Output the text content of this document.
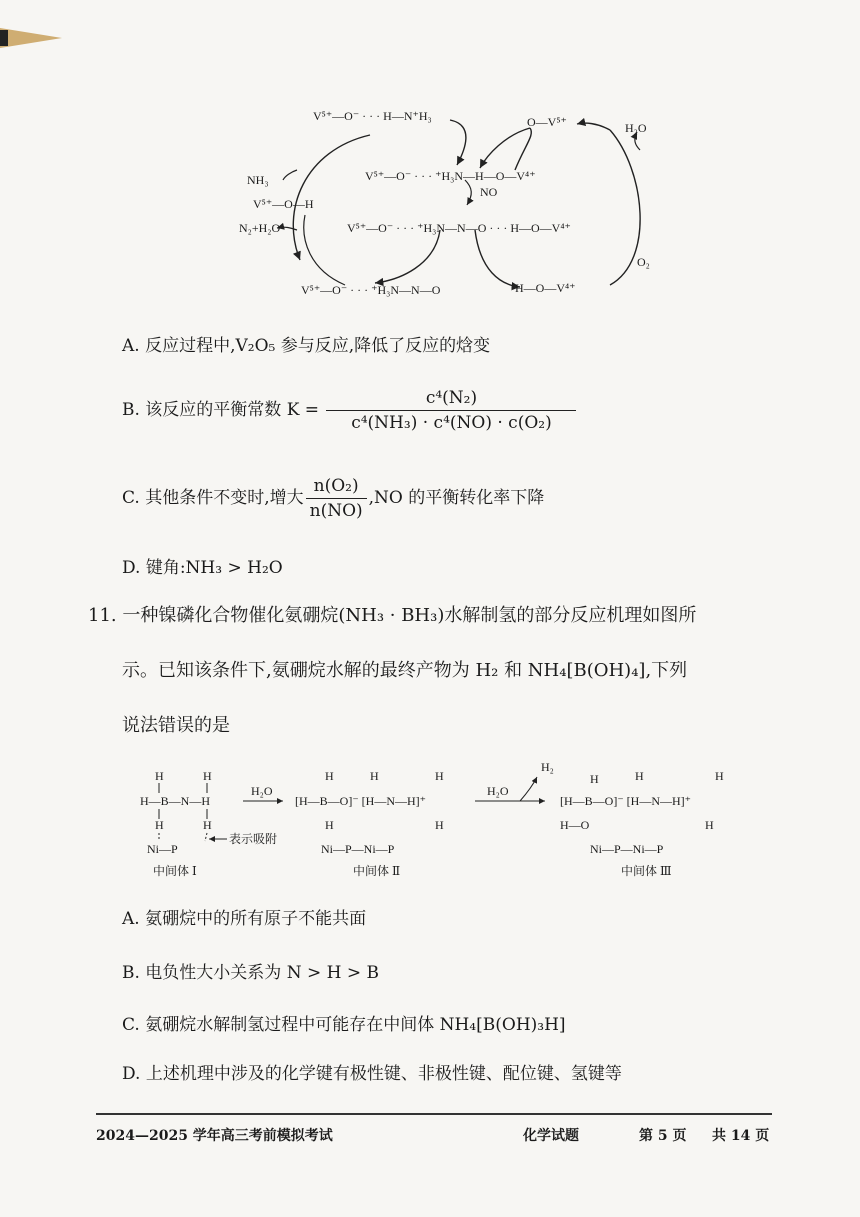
V⁵⁺—O⁻ · · · H—N⁺H₃	O—V⁵⁺
V⁵⁺—O⁻ · · · ⁺H₃N—H—O—V⁴⁺
NO
V⁵⁺—O⁻ · · · ⁺H₃N—N—O · · · H—O—V⁴⁺
V⁵⁺—O⁻ · · · ⁺H₃N—N—O	H—O—V⁴⁺
NH₃
V⁵⁺—O—H
N₂+H₂O
H₂O
O₂
A. 反应过程中,V₂O₅ 参与反应,降低了反应的焓变
B. 该反应的平衡常数 $K = \frac{\text{c⁴(N₂)}}{\text{c⁴(NH₃) · c⁴(NO) · c(O₂)}}$
C. 其他条件不变时,增大 $\frac{\text{n(O₂)}}{n(NO)} ,NO$ 的平衡转化率下降
D. 键角:NH₃ > H₂O
11. 一种镍磷化合物催化氨硼烷(NH₃ · BH₃)水解制氢的部分反应机理如图所
示。已知该条件下,氨硼烷水解的最终产物为 H₂ 和 NH₄[B(OH)₄],下列
说法错误的是
H	H
H—B—N—H
H	H
Ni—P
表示吸附
中间体 Ⅰ
H₂O
H	H	H
[H—B—O]⁻ [H—N—H]⁺
H	H
Ni—P—Ni—P
中间体 Ⅱ
H₂O
H₂
H	H	H
[H—B—O]⁻ [H—N—H]⁺
H—O	H
Ni—P—Ni—P
中间体 Ⅲ
A. 氨硼烷中的所有原子不能共面
B. 电负性大小关系为 N > H > B
C. 氨硼烷水解制氢过程中可能存在中间体 NH₄[B(OH)₃H]
D. 上述机理中涉及的化学键有极性键、非极性键、配位键、氢键等
2024—2025 学年高三考前模拟考试	化学试题	第 5 页 共 14 页
